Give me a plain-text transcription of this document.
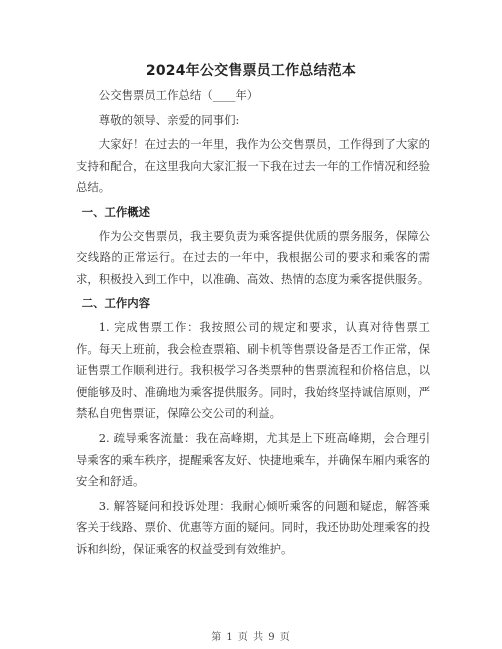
2024年公交售票员工作总结范本

公交售票员工作总结（____年）

尊敬的领导、亲爱的同事们:

大家好！在过去的一年里，我作为公交售票员，工作得到了大家的支持和配合，在这里我向大家汇报一下我在过去一年的工作情况和经验总结。

一、工作概述

作为公交售票员，我主要负责为乘客提供优质的票务服务，保障公交线路的正常运行。在过去的一年中，我根据公司的要求和乘客的需求，积极投入到工作中，以准确、高效、热情的态度为乘客提供服务。

二、工作内容

1. 完成售票工作：我按照公司的规定和要求，认真对待售票工作。每天上班前，我会检查票箱、刷卡机等售票设备是否工作正常，保证售票工作顺利进行。我积极学习各类票种的售票流程和价格信息，以便能够及时、准确地为乘客提供服务。同时，我始终坚持诚信原则，严禁私自兜售票证，保障公交公司的利益。

2. 疏导乘客流量：我在高峰期，尤其是上下班高峰期，会合理引导乘客的乘车秩序，提醒乘客友好、快捷地乘车，并确保车厢内乘客的安全和舒适。

3. 解答疑问和投诉处理：我耐心倾听乘客的问题和疑虑，解答乘客关于线路、票价、优惠等方面的疑问。同时，我还协助处理乘客的投诉和纠纷，保证乘客的权益受到有效维护。

第 1 页 共 9 页
